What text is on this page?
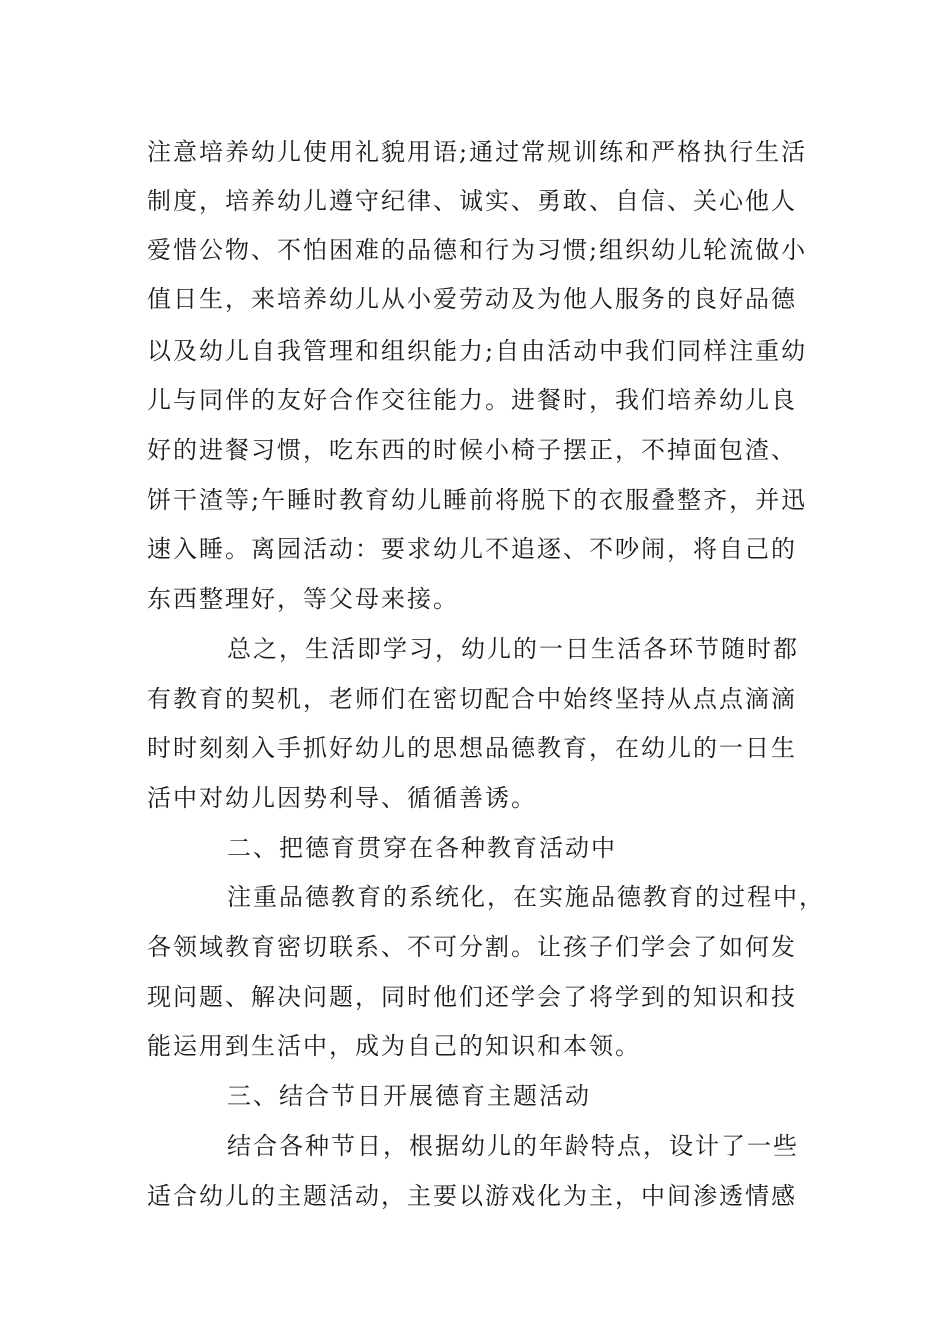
注意培养幼儿使用礼貌用语;通过常规训练和严格执行生活
制度，培养幼儿遵守纪律、诚实、勇敢、自信、关心他人
爱惜公物、不怕困难的品德和行为习惯;组织幼儿轮流做小
值日生，来培养幼儿从小爱劳动及为他人服务的良好品德
以及幼儿自我管理和组织能力;自由活动中我们同样注重幼
儿与同伴的友好合作交往能力。进餐时，我们培养幼儿良
好的进餐习惯，吃东西的时候小椅子摆正，不掉面包渣、
饼干渣等;午睡时教育幼儿睡前将脱下的衣服叠整齐，并迅
速入睡。离园活动：要求幼儿不追逐、不吵闹，将自己的
东西整理好，等父母来接。
总之，生活即学习，幼儿的一日生活各环节随时都
有教育的契机，老师们在密切配合中始终坚持从点点滴滴
时时刻刻入手抓好幼儿的思想品德教育，在幼儿的一日生
活中对幼儿因势利导、循循善诱。
二、把德育贯穿在各种教育活动中
注重品德教育的系统化，在实施品德教育的过程中，
各领域教育密切联系、不可分割。让孩子们学会了如何发
现问题、解决问题，同时他们还学会了将学到的知识和技
能运用到生活中，成为自己的知识和本领。
三、结合节日开展德育主题活动
结合各种节日，根据幼儿的年龄特点，设计了一些
适合幼儿的主题活动，主要以游戏化为主，中间渗透情感
